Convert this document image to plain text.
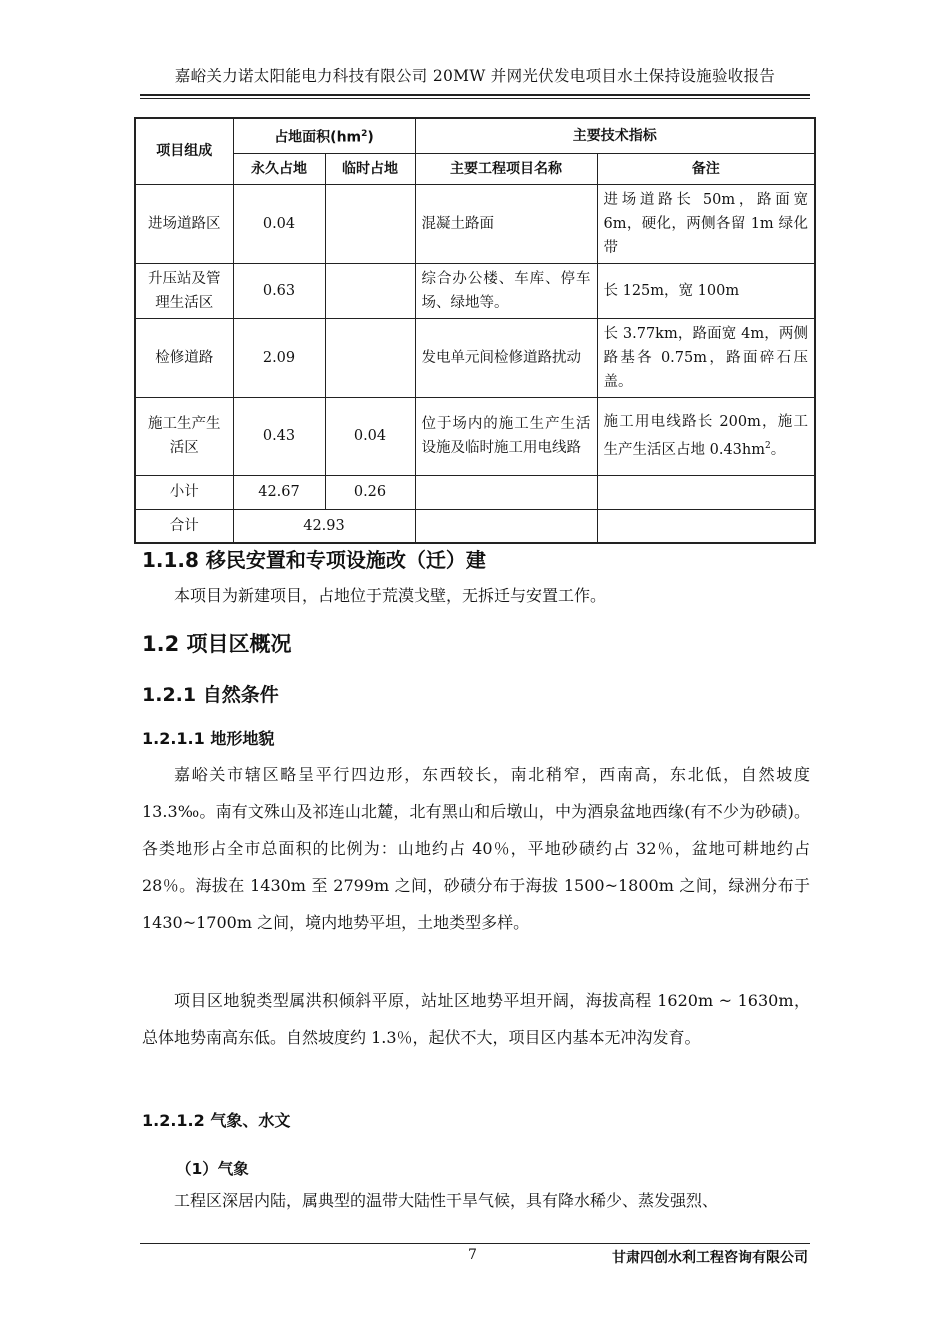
嘉峪关力诺太阳能电力科技有限公司 20MW 并网光伏发电项目水土保持设施验收报告
项目组成	占地面积$(hm^2)$		主要技术指标	
	永久占地	临时占地	主要工程项目名称	备注
进场道路区	0.04		混凝土路面	进场道路长 50m，路面宽 6m，硬化，两侧各留 1m 绿化带
升压站及管理生活区	0.63		综合办公楼、车库、停车场、绿地等。	长 125m，宽 100m
检修道路	2.09		发电单元间检修道路扰动	长 3.77km，路面宽 4m，两侧路基各 0.75m，路面碎石压盖。
施工生产生活区	0.43	0.04	位于场内的施工生产生活设施及临时施工用电线路	施工用电线路长 200m，施工生产生活区占地 $0.43hm^2$。
小计	42.67	0.26		
合计	42.93			
1.1.8 移民安置和专项设施改（迁）建

本项目为新建项目，占地位于荒漠戈壁，无拆迁与安置工作。

1.2 项目区概况
1.2.1 自然条件
1.2.1.1 地形地貌

嘉峪关市辖区略呈平行四边形，东西较长，南北稍窄，西南高，东北低，自然坡度 13.3‰。南有文殊山及祁连山北麓，北有黑山和后墩山，中为酒泉盆地西缘(有不少为砂碛)。各类地形占全市总面积的比例为：山地约占 40％，平地砂碛约占 32％，盆地可耕地约占 28％。海拔在 1430m 至 2799m 之间，砂碛分布于海拔 1500~1800m 之间，绿洲分布于 1430~1700m 之间，境内地势平坦，土地类型多样。

项目区地貌类型属洪积倾斜平原，站址区地势平坦开阔，海拔高程 1620m ~ 1630m，总体地势南高东低。自然坡度约 1.3％，起伏不大，项目区内基本无冲沟发育。

1.2.1.2 气象、水文
（1）气象

工程区深居内陆，属典型的温带大陆性干旱气候，具有降水稀少、蒸发强烈、

7	甘肃四创水利工程咨询有限公司
